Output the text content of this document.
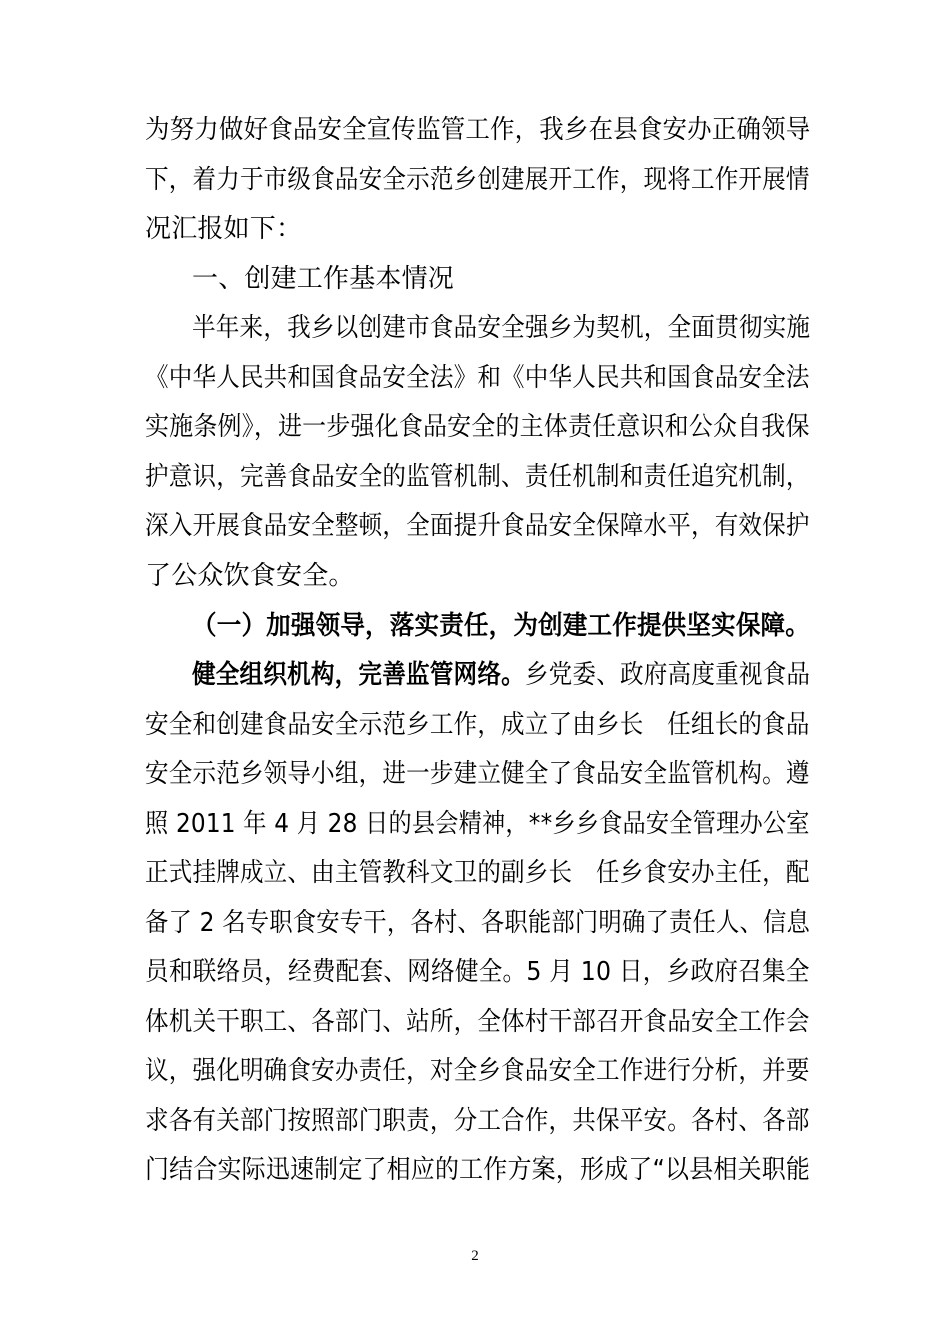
为努力做好食品安全宣传监管工作，我乡在县食安办正确领导
下，着力于市级食品安全示范乡创建展开工作，现将工作开展情
况汇报如下：
一、创建工作基本情况
半年来，我乡以创建市食品安全强乡为契机，全面贯彻实施
《中华人民共和国食品安全法》和《中华人民共和国食品安全法
实施条例》，进一步强化食品安全的主体责任意识和公众自我保
护意识，完善食品安全的监管机制、责任机制和责任追究机制，
深入开展食品安全整顿，全面提升食品安全保障水平，有效保护
了公众饮食安全。
（一）加强领导，落实责任，为创建工作提供坚实保障。
健全组织机构，完善监管网络。乡党委、政府高度重视食品
安全和创建食品安全示范乡工作，成立了由乡长　任组长的食品
安全示范乡领导小组，进一步建立健全了食品安全监管机构。遵
照 2011 年 4 月 28 日的县会精神，**乡乡食品安全管理办公室
正式挂牌成立、由主管教科文卫的副乡长　任乡食安办主任，配
备了 2 名专职食安专干，各村、各职能部门明确了责任人、信息
员和联络员，经费配套、网络健全。5 月 10 日，乡政府召集全
体机关干职工、各部门、站所，全体村干部召开食品安全工作会
议，强化明确食安办责任，对全乡食品安全工作进行分析，并要
求各有关部门按照部门职责，分工合作，共保平安。各村、各部
门结合实际迅速制定了相应的工作方案，形成了“以县相关职能
2
